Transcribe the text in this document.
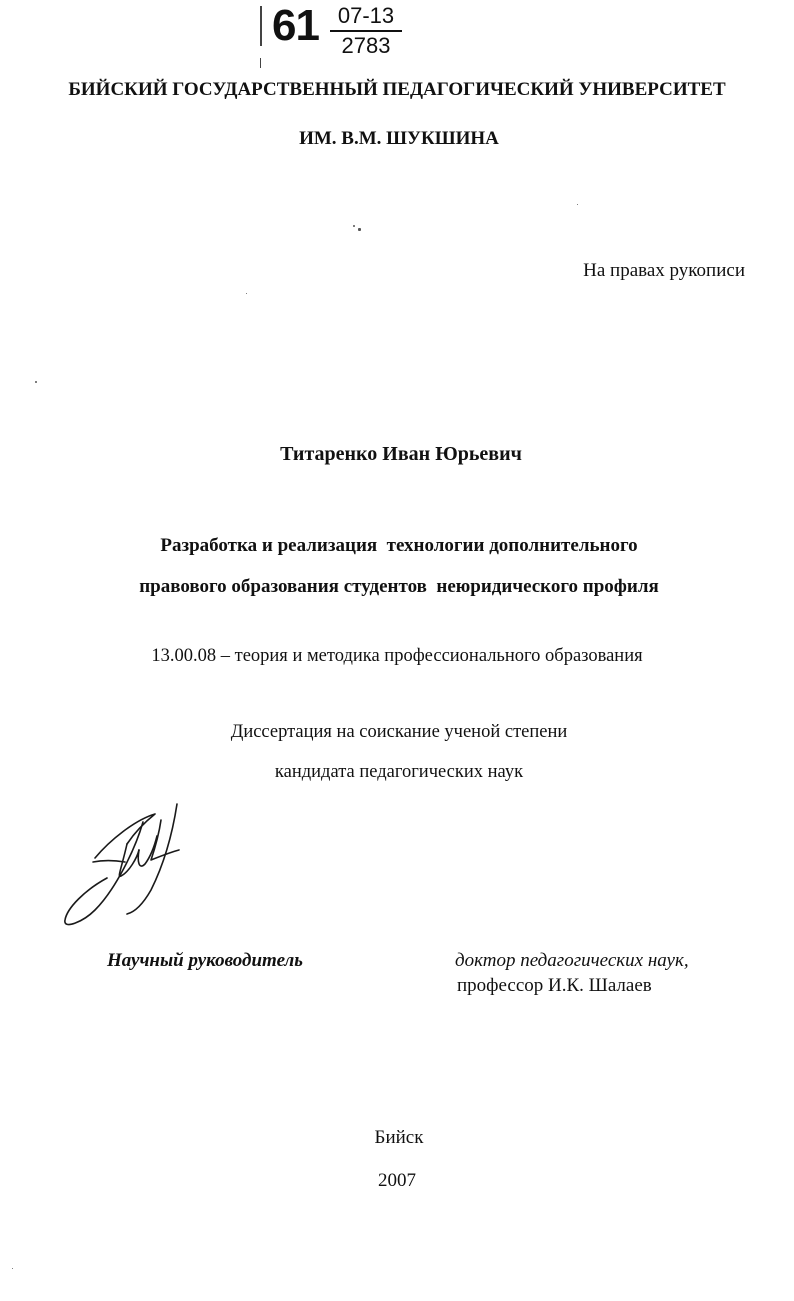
$61 \frac{07-13}{2783}$
БИЙСКИЙ ГОСУДАРСТВЕННЫЙ ПЕДАГОГИЧЕСКИЙ УНИВЕРСИТЕТ
ИМ. В.М. ШУКШИНА
На правах рукописи
Титаренко Иван Юрьевич
Разработка и реализация  технологии дополнительного
правового образования студентов  неюридического профиля
13.00.08 – теория и методика профессионального образования
Диссертация на соискание ученой степени
кандидата педагогических наук
Научный руководитель	доктор педагогических наук,
профессор И.К. Шалаев
Бийск
2007
